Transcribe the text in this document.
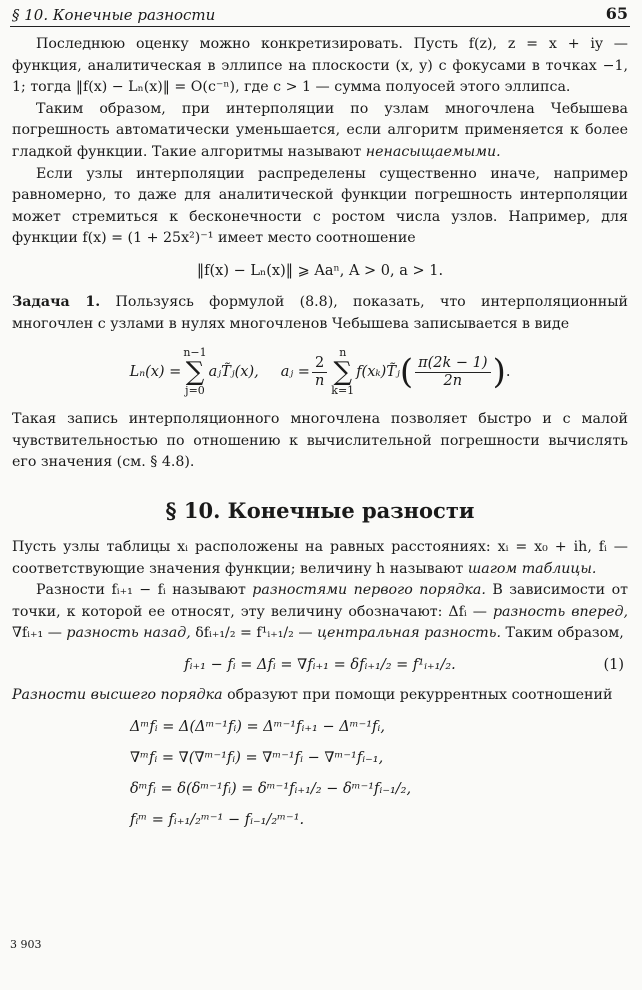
§ 10. Конечные разности	65

Последнюю оценку можно конкретизировать. Пусть f(z), z = x + iy — функция, аналитическая в эллипсе на плоскости (x, y) с фокусами в точках −1, 1; тогда ‖f(x) − Lₙ(x)‖ = O(c⁻ⁿ), где c > 1 — сумма полуосей этого эллипса.

Таким образом, при интерполяции по узлам многочлена Чебышева погрешность автоматически уменьшается, если алгоритм применяется к более гладкой функции. Такие алгоритмы называют ненасыщаемыми.

Если узлы интерполяции распределены существенно иначе, например равномерно, то даже для аналитической функции погрешность интерполяции может стремиться к бесконечности с ростом числа узлов. Например, для функции f(x) = (1 + 25x²)⁻¹ имеет место соотношение

‖f(x) − Lₙ(x)‖ ⩾ Aaⁿ, A > 0, a > 1.

Задача 1. Пользуясь формулой (8.8), показать, что интерполяционный многочлен с узлами в нулях многочленов Чебышева записывается в виде

Lₙ(x) =
n−1
∑
j=0
aⱼT̃ⱼ(x), aⱼ = $\frac{2}{n}$
n
∑
k=1
f(xₖ)T̃ⱼ ( $\frac{\pi(2k - 1)}{2n}$ ) .

Такая запись интерполяционного многочлена позволяет быстро и с малой чувствительностью по отношению к вычислительной погрешности вычислять его значения (см. § 4.8).

§ 10. Конечные разности

Пусть узлы таблицы xᵢ расположены на равных расстояниях: xᵢ = x₀ + ih, fᵢ — соответствующие значения функции; величину h называют шагом таблицы.

Разности fᵢ₊₁ − fᵢ называют разностями первого порядка. В зависимости от точки, к которой ее относят, эту величину обозначают: Δfᵢ — разность вперед, ∇fᵢ₊₁ — разность назад, δfᵢ₊₁/₂ = f¹ᵢ₊₁/₂ — центральная разность. Таким образом,

fᵢ₊₁ − fᵢ = Δfᵢ = ∇fᵢ₊₁ = δfᵢ₊₁/₂ = f¹ᵢ₊₁/₂.	(1)

Разности высшего порядка образуют при помощи рекуррентных соотношений

Δᵐfᵢ = Δ(Δᵐ⁻¹fᵢ) = Δᵐ⁻¹fᵢ₊₁ − Δᵐ⁻¹fᵢ,
∇ᵐfᵢ = ∇(∇ᵐ⁻¹fᵢ) = ∇ᵐ⁻¹fᵢ − ∇ᵐ⁻¹fᵢ₋₁,
δᵐfᵢ = δ(δᵐ⁻¹fᵢ) = δᵐ⁻¹fᵢ₊₁/₂ − δᵐ⁻¹fᵢ₋₁/₂,
fᵢᵐ = fᵢ₊₁/₂ᵐ⁻¹ − fᵢ₋₁/₂ᵐ⁻¹.
3 903
